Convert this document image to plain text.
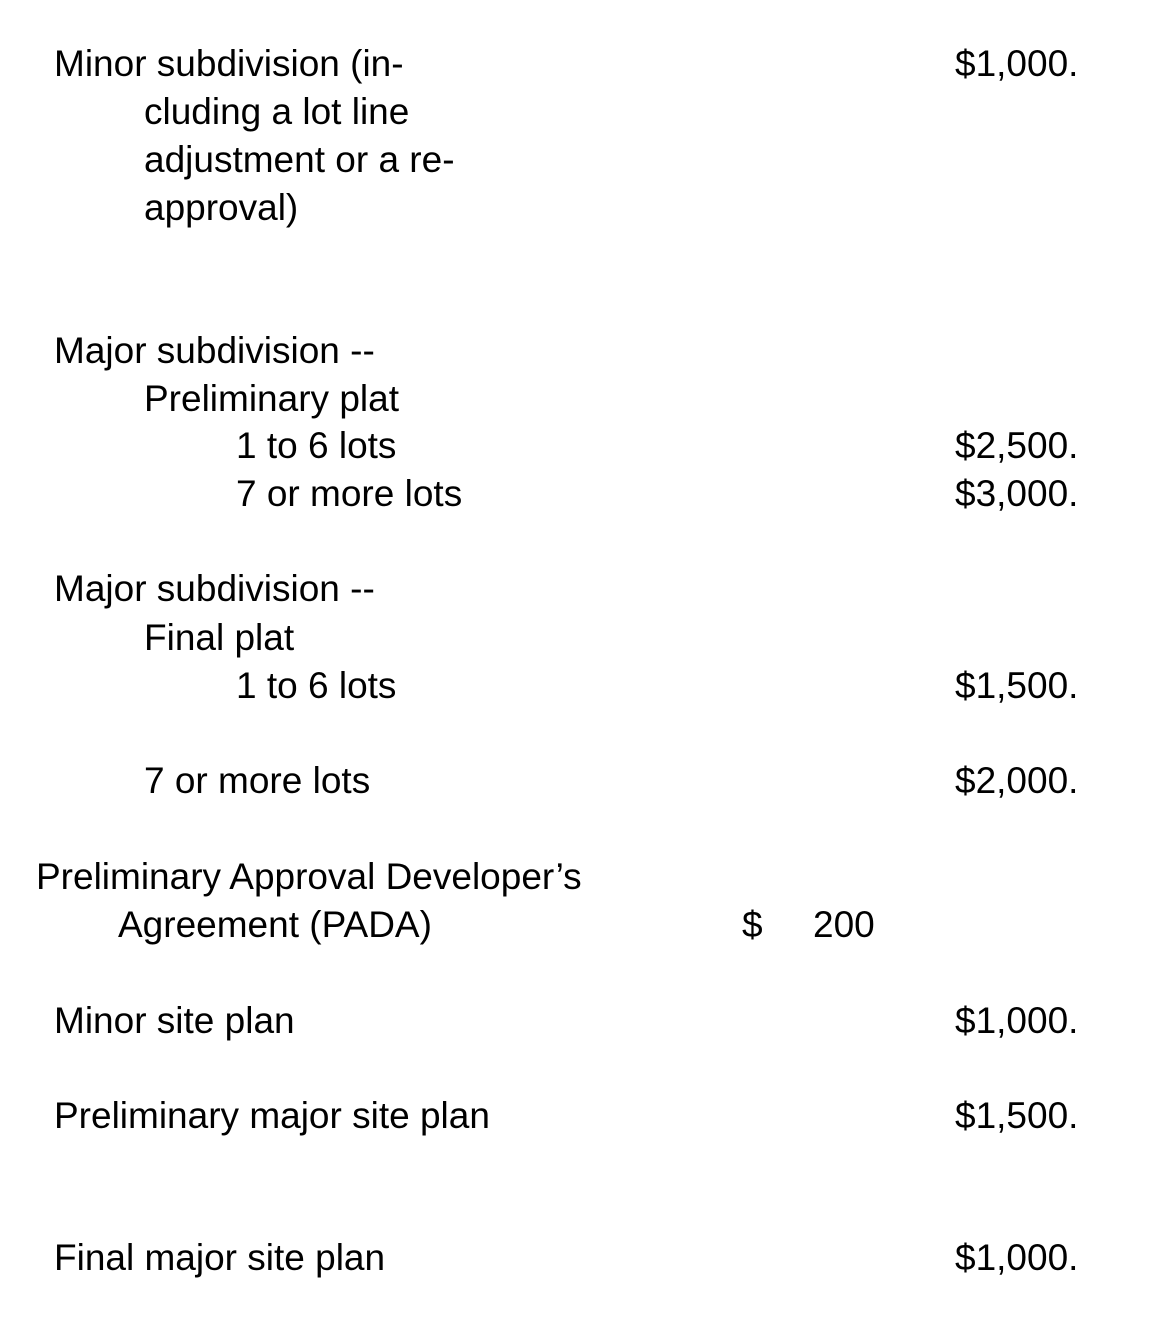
Minor subdivision (in-
cluding a lot line
adjustment or a re-
approval)
$1,000.
Major subdivision --
Preliminary plat
1 to 6 lots	$2,500.
7 or more lots	$3,000.
Major subdivision --
Final plat
1 to 6 lots	$1,500.
7 or more lots	$2,000.
Preliminary Approval Developer’s
Agreement (PADA)	$ 200
Minor site plan	$1,000.
Preliminary major site plan	$1,500.
Final major site plan	$1,000.
